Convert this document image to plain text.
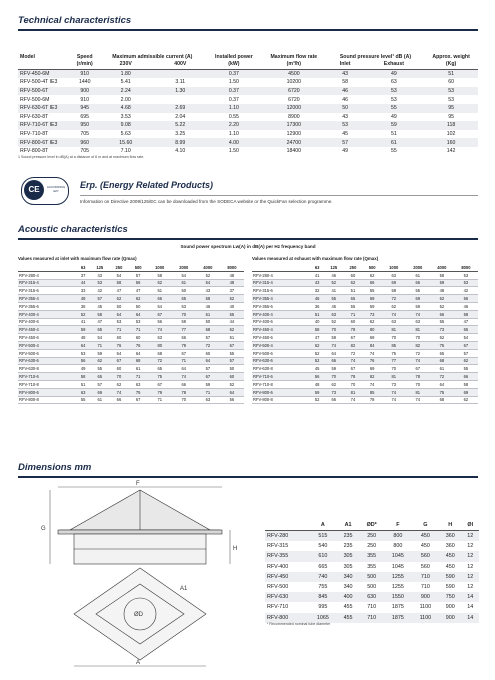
Technical characteristics
Model	Speed	Maximum admissible current (A)		Installed power	Maximum flow rate	Sound pressure level¹ dB (A)		Approx. weight
	(r/min)	230V	400V	(kW)	(m³/h)	Inlet	Exhaust	(Kg)
RFV-450-6M	910	1.80		0.37	4500	43	49	51
RFV-500-4T IE3	1440	5.41	3.11	1.50	10200	58	63	60
RFV-500-6T	900	2.24	1.30	0.37	6720	46	53	53
RFV-500-6M	910	2.00		0.37	6720	46	53	53
RFV-630-6T IE3	945	4.68	2.69	1.10	12000	50	55	95
RFV-630-8T	695	3.53	2.04	0.55	8900	43	49	95
RFV-710-6T IE3	950	9.08	5.22	2.20	17300	53	59	118
RFV-710-8T	705	5.63	3.25	1.10	12900	45	51	102
RFV-800-6T IE3	960	15.60	8.99	4.00	24700	57	61	160
RFV-800-8T	705	7.10	4.10	1.50	18400	49	55	142
1 Sound pressure level in dB(A) at a distance of 6 m and at maximum flow rate.
CE	ACCORDING ErP
Erp. (Energy Related Products)
Information on Directive 2009/125/EC can be downloaded from the SODECA website or the QuickFan selection programme.
Acoustic characteristics
Sound power spectrum Lw(A) in dB(A) per Hz frequency band
Values measured at inlet with maximum flow rate (Qmax)	Values measured at exhaust with maximum flow rate (Qmax)
	63	125	250	500	1000	2000	4000	8000
RFV-280-4	37	43	54	57	58	54	52	48
RFV-315-4	44	53	58	56	62	61	54	48
RFV-315-6	33	42	47	47	51	50	43	37
RFV-355-4	48	57	62	62	66	65	58	52
RFV-355-6	36	45	50	50	54	53	46	40
RFV-400-4	52	58	64	64	67	70	61	55
RFV-400-6	41	47	53	53	56	59	50	44
RFV-450-4	59	65	71	71	74	77	68	62
RFV-450-6	48	54	60	60	63	66	57	51
RFV-500-4	64	71	76	76	80	79	72	67
RFV-500-6	53	59	64	64	68	67	60	55
RFV-630-6	56	62	67	68	72	71	64	57
RFV-630-8	49	55	60	61	65	64	57	50
RFV-710-6	58	65	70	71	75	74	67	60
RFV-710-8	51	57	62	63	67	66	59	52
RFV-800-6	63	69	74	75	79	78	71	64
RFV-800-8	55	61	66	67	71	70	63	56
	63	125	250	500	1000	2000	4000	8000
RFV-280-4	41	46	60	62	63	61	58	53
RFV-315-4	43	52	62	66	69	66	59	53
RFV-315-6	32	41	51	55	58	55	48	42
RFV-355-4	46	55	65	69	72	69	62	56
RFV-355-6	36	45	55	59	62	59	52	46
RFV-400-4	51	63	71	73	74	74	66	58
RFV-400-6	40	52	60	62	63	63	55	47
RFV-450-4	58	70	78	80	81	81	73	65
RFV-450-6	47	59	67	69	70	70	62	54
RFV-500-4	62	74	82	84	85	82	75	67
RFV-500-6	52	64	72	74	75	72	65	57
RFV-630-6	52	66	74	76	77	74	68	62
RFV-630-8	45	59	67	69	70	67	61	55
RFV-710-6	56	70	78	82	81	78	72	66
RFV-710-8	48	62	70	74	73	70	64	58
RFV-800-6	59	73	81	85	74	81	75	69
RFV-800-8	52	66	74	78	74	74	68	62
Dimensions mm
G
F
H
A1
A
ØD
	A	A1	ØD*	F	G	H	Øl
RFV-280	515	235	250	800	450	360	12
RFV-315	540	235	250	800	450	360	12
RFV-355	610	305	355	1045	560	450	12
RFV-400	665	305	355	1045	560	450	12
RFV-450	740	340	500	1255	710	590	12
RFV-500	755	340	500	1255	710	590	12
RFV-630	845	400	630	1550	900	750	14
RFV-710	995	455	710	1875	1100	900	14
RFV-800	1065	455	710	1875	1100	900	14
* Recommended nominal tube diameter
